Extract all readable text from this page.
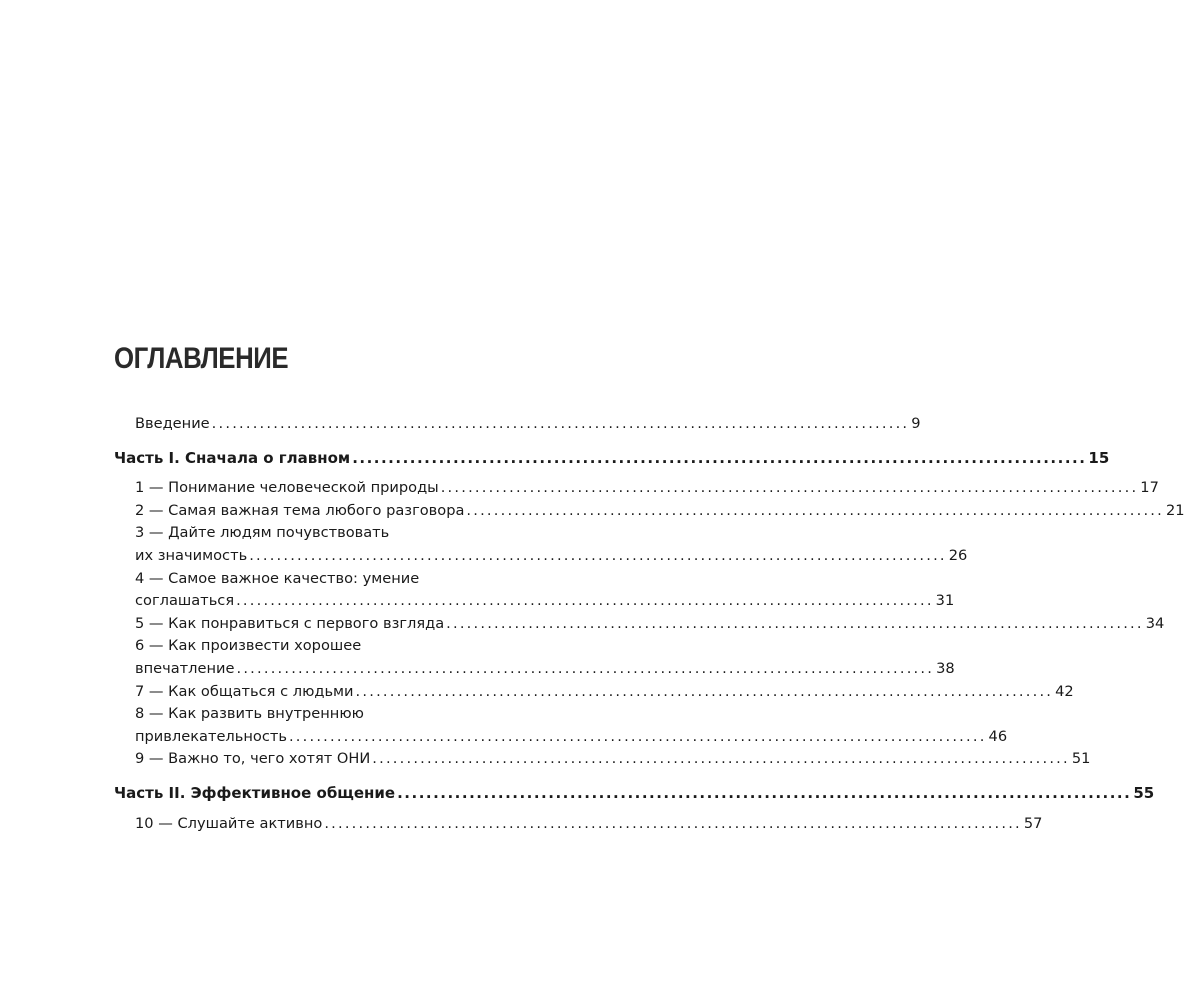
ОГЛАВЛЕНИЕ
Введение ...................................................................................................... 9
Часть I. Сначала о главном ...................................................................................................... 15
1 — Понимание человеческой природы ...................................................................................................... 17
2 — Самая важная тема любого разговора ...................................................................................................... 21
3 — Дайте людям почувствовать
их значимость ...................................................................................................... 26
4 — Самое важное качество: умение
соглашаться ...................................................................................................... 31
5 — Как понравиться с первого взгляда ...................................................................................................... 34
6 — Как произвести хорошее
впечатление ...................................................................................................... 38
7 — Как общаться с людьми ...................................................................................................... 42
8 — Как развить внутреннюю
привлекательность ...................................................................................................... 46
9 — Важно то, чего хотят ОНИ ...................................................................................................... 51
Часть II. Эффективное общение ...................................................................................................... 55
10 — Слушайте активно ...................................................................................................... 57
